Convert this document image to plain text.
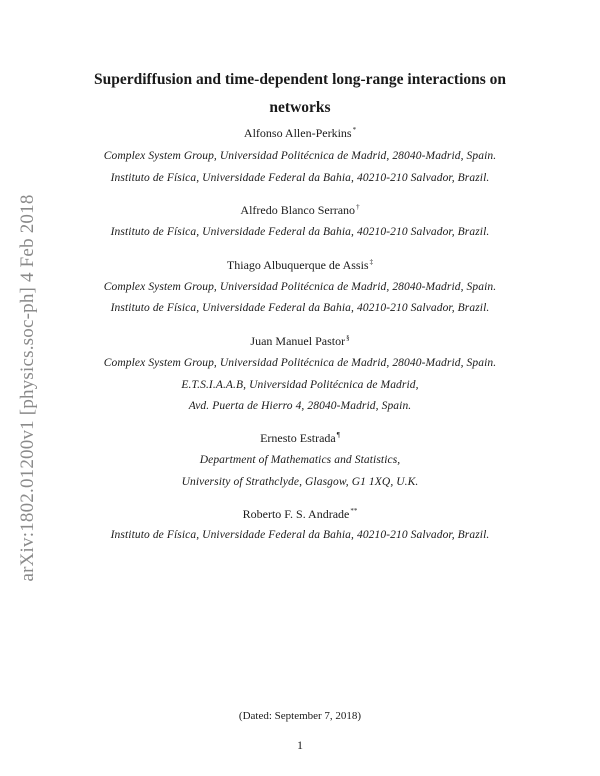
arXiv:1802.01200v1 [physics.soc-ph] 4 Feb 2018
Superdiffusion and time-dependent long-range interactions on
networks
Alfonso Allen-Perkins*
Complex System Group, Universidad Politécnica de Madrid, 28040-Madrid, Spain.
Instituto de Física, Universidade Federal da Bahia, 40210-210 Salvador, Brazil.
Alfredo Blanco Serrano†
Instituto de Física, Universidade Federal da Bahia, 40210-210 Salvador, Brazil.
Thiago Albuquerque de Assis‡
Complex System Group, Universidad Politécnica de Madrid, 28040-Madrid, Spain.
Instituto de Física, Universidade Federal da Bahia, 40210-210 Salvador, Brazil.
Juan Manuel Pastor§
Complex System Group, Universidad Politécnica de Madrid, 28040-Madrid, Spain.
E.T.S.I.A.A.B, Universidad Politécnica de Madrid,
Avd. Puerta de Hierro 4, 28040-Madrid, Spain.
Ernesto Estrada¶
Department of Mathematics and Statistics,
University of Strathclyde, Glasgow, G1 1XQ, U.K.
Roberto F. S. Andrade**
Instituto de Física, Universidade Federal da Bahia, 40210-210 Salvador, Brazil.
(Dated: September 7, 2018)
1
